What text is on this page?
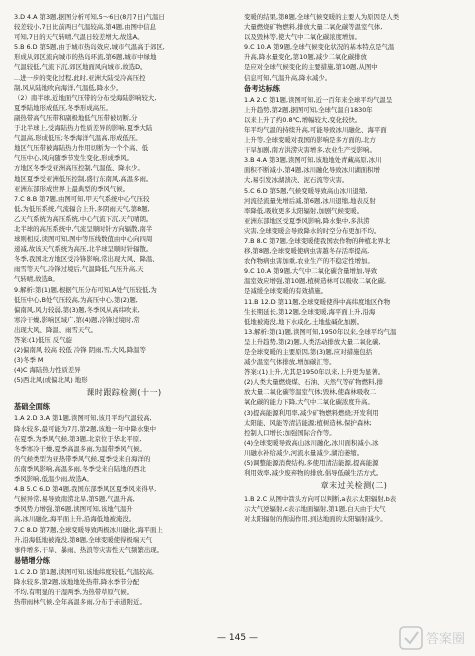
3.D 4.A 第3题,据图分析可知,5～6日(8月7日)气温日
较差较小,7日比前两日气温较高,第4题,由图中信息
可知,7日的天气转晴,气温日较差增大,故选A。
5.B 6.D 第5题,由于城市热岛效应,城市气温高于郊区,
形成从郊区流向城市的热岛环流,第6题,城市中绿地
气温较低,气流下沉,郊区地面风向城市,故选D。
...进一步的变化过程,此时,亚洲大陆受冷高压控
制,风从陆地吹向海洋,气温低,降水少。
（2）南半球,近地面气压带的分布受海陆影响较大,
夏季陆地形成低压,冬季形成高压。
副热带高气压带和副极地低气压带被切断,分
于北半球上,受海陆热力性质差异的影响,夏季大陆
气温高,形成低压;冬季海洋气温高,形成低压。
地区气压带被海陆热力作用切断为一个个高、低
气压中心,风向随季节发生变化,形成季风。
方地区冬季受亚洲高压控制,气温低、降水少。
地区夏季受亚洲低压控制,盛行东南风,高温多雨。
亚洲东部形成世界上最典型的季风气候。
7.C 8.B 第7题,由图可知,甲天气系统中心气压较
低,为低压系统,气流辐合上升,多阴雨天气,第8题,
乙天气系统为高压系统,中心气流下沉,天气晴朗。
北半球的高压系统中,气流呈顺时针方向辐散,南半
球则相反,读图可知,图中等压线数值由中心向四周
递减,故该天气系统为高压,北半球呈顺时针辐散。
冬季,我国北方地区受冷锋影响,常出现大风、降温、
雨雪等天气,冷锋过境后,气温降低,气压升高,天
气转晴,故选B。
9.解析:第(1)题,根据气压分布可知,A处气压较低,为
低压中心,B处气压较高,为高压中心,第(2)题,
偏南风,风力较弱,第(3)题,冬季风从高纬吹来,
寒冷干燥,影响区域广,第(4)题,冷锋过境时,常
出现大风、降温、雨雪天气。
答案:(1)低压 反气旋
(2)偏南风 较高 较低 冷锋 阴雨,雪,大风,降温等
(3)冬季 M
(4)C 海陆热力性质差异
(5)西北风(或偏北风) 地形
课时跟踪检测(十一)
基础全面练
1.A 2.D 3.A 第1题,读图可知,该月平均气温较高,
降水较多,最可能为7月,第2题,该地一年中降水集中
在夏季,为季风气候,第3题,北京位于华北平原,
冬季寒冷干燥,夏季高温多雨,为温带季风气候。
的气候类型为亚热带季风气候,夏季受来自海洋的
东南季风影响,高温多雨,冬季受来自陆地的西北
季风影响,低温少雨,故选A。
4.B 5.C 6.D 第4题,我国东部季风区夏季风来得早,
气候异常,易导致南涝北旱,第5题,气温升高,
季风势力增强,第6题,读图可知,该地气温升
高,冰川融化,海平面上升,沿海低地被淹没。
7.C 8.D 第7题,全球变暖导致两极冰川融化,海平面上
升,沿海低地被淹没,第8题,全球变暖使得极端天气
事件增多,干旱、暴雨、热浪等灾害性天气频繁出现。
易错增分练
1.C 2.D 第1题,读图可知,该地纬度较低,气温较高,
降水较多,第2题,该地地处热带,降水季节分配
不均,有明显的干湿两季,为热带草原气候。
热带雨林气候,全年高温多雨,分布于赤道附近。
变暖的结果,第8题,全球气候变暖的主要人为原因是人类
大量燃烧矿物燃料,排放大量二氧化碳等温室气体,
以及毁林等,使大气中二氧化碳浓度增加。
9.C 10.A 第9题,全球气候变化状况的基本特点是气温
升高,降水量变化,第10题,减少二氧化碳排放
是应对全球气候变化的主要措施,第10题,从图中
信息可知,气温升高,降水减少。
备考达标练
1.A 2.C 第1题,读图可知,近一百年来全球平均气温呈
上升趋势,第2题,据图可知,全球气温自1830年
以来上升了约0.8℃,增幅较大,变化较快。
年平均气温的持续升高,可能导致冰川融化、海平面
上升等,全球变暖对我国的影响是多方面的,北方
干旱加剧,南方洪涝灾害增多,农业生产受影响。
3.B 4.A 第3题,读图可知,该地地处青藏高原,冰川
面积不断减小,第4题,冰川融化导致冰川湖面积增
大,易引发冰湖溃决、泥石流等灾害。
5.C 6.D 第5题,气候变暖导致高山冰川退缩,
河流径流量先增后减,第6题,冰川退缩,地表反射
率降低,吸收更多太阳辐射,加剧气候变暖。
亚洲东部地区受夏季风影响,降水集中,多洪涝
灾害,全球变暖会导致降水的时空分布更加不均。
7.B 8.C 第7题,全球变暖使我国农作物的种植北界北
移,第8题,全球变暖使病虫害越冬存活率提高,
农作物病虫害加重,农业生产的不稳定性增加。
9.C 10.A 第9题,大气中二氧化碳含量增加,导致
温室效应增强,第10题,植树造林可以吸收二氧化碳,
是减缓全球变暖的有效措施。
11.B 12.D 第11题,全球变暖使得中高纬度地区作物
生长期延长,第12题,全球变暖,海平面上升,沿海
低地被淹没,地下水咸化,土地盐碱化加剧。
13.解析:第(1)题,读图可知,1950年以来,全球平均气温
呈上升趋势,第(2)题,人类活动排放大量二氧化碳,
是全球变暖的主要原因,第(3)题,应对措施包括
减少温室气体排放,增加碳汇等。
答案:(1)上升,尤其是1950年以来,上升更为显著。
(2)人类大量燃烧煤、石油、天然气等矿物燃料,排
放大量二氧化碳等温室气体;毁林,使森林吸收二
氧化碳的能力下降,大气中二氧化碳浓度升高。
(3)提高能源利用率,减少矿物燃料燃烧;开发利用
太阳能、风能等清洁能源;植树造林,保护森林;
控制人口增长;加强国际合作等。
(4)全球变暖导致高山冰川融化,冰川面积减小,冰
川融水补给减少,河流水量减少,湖泊萎缩。
(5)调整能源消费结构,多使用清洁能源,提高能源
利用效率,减少废弃物的排放,倡导低碳生活方式。
章末过关检测(二)
1.B 2.C 从图中箭头方向可以判断,a表示太阳辐射,b表
示大气逆辐射,c表示地面辐射,第1题,白天由于大气
对太阳辐射的削弱作用,到达地面的太阳辐射减少。
— 145 —	答案圈
